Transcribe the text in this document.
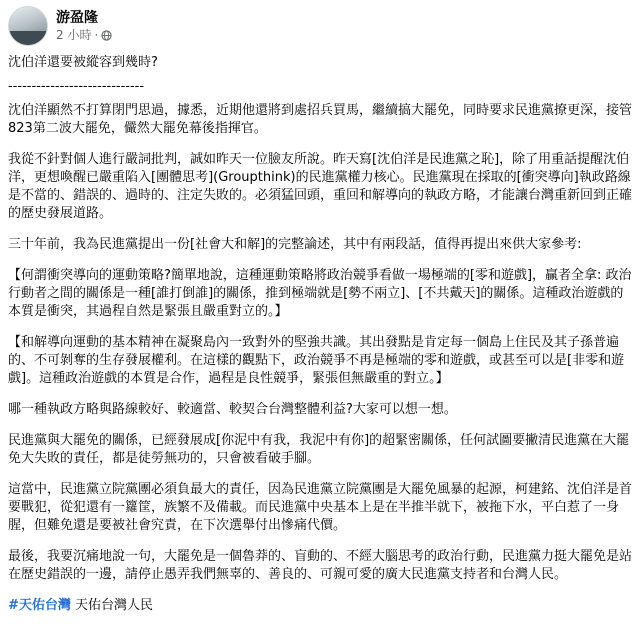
游盈隆
2 小時 ·

沈伯洋還要被縱容到幾時?

-----------------------------

沈伯洋顯然不打算閉門思過，據悉，近期他還將到處招兵買馬，繼續搞大罷免，同時要求民進黨撩更深，接管823第二波大罷免，儼然大罷免幕後指揮官。

我從不針對個人進行嚴詞批判，誠如昨天一位臉友所說。昨天寫[沈伯洋是民進黨之恥]，除了用重話提醒沈伯洋，更想喚醒已嚴重陷入[團體思考](Groupthink)的民進黨權力核心。民進黨現在採取的[衝突導向]執政路線是不當的、錯誤的、過時的、注定失敗的。必須猛回頭，重回和解導向的執政方略，才能讓台灣重新回到正確的歷史發展道路。

三十年前，我為民進黨提出一份[社會大和解]的完整論述，其中有兩段話，值得再提出來供大家參考:

【何謂衝突導向的運動策略?簡單地說，這種運動策略將政治競爭看做一場極端的[零和遊戲]，贏者全拿: 政治行動者之間的關係是一種[誰打倒誰]的關係，推到極端就是[勢不兩立]、[不共戴天]的關係。這種政治遊戲的本質是衝突，其過程自然是緊張且嚴重對立的。】

【和解導向運動的基本精神在凝聚島內一致對外的堅強共識。其出發點是肯定每一個島上住民及其子孫普遍的、不可剝奪的生存發展權利。在這樣的觀點下，政治競爭不再是極端的零和遊戲，或甚至可以是[非零和遊戲]。這種政治遊戲的本質是合作，過程是良性競爭，緊張但無嚴重的對立。】

哪一種執政方略與路線較好、較適當、較契合台灣整體利益?大家可以想一想。

民進黨與大罷免的關係，已經發展成[你泥中有我，我泥中有你]的超緊密關係，任何試圖要撇清民進黨在大罷免大失敗的責任，都是徒勞無功的，只會被看破手腳。

這當中，民進黨立院黨團必須負最大的責任，因為民進黨立院黨團是大罷免風暴的起源，柯建銘、沈伯洋是首要戰犯，從犯還有一籮筐，族繁不及備載。而民進黨中央基本上是在半推半就下，被拖下水，平白惹了一身腥，但難免還是要被社會究責，在下次選舉付出慘痛代價。

最後，我要沉痛地說一句，大罷免是一個魯莽的、盲動的、不經大腦思考的政治行動，民進黨力挺大罷免是站在歷史錯誤的一邊，請停止愚弄我們無辜的、善良的、可親可愛的廣大民進黨支持者和台灣人民。

#天佑台灣 天佑台灣人民
